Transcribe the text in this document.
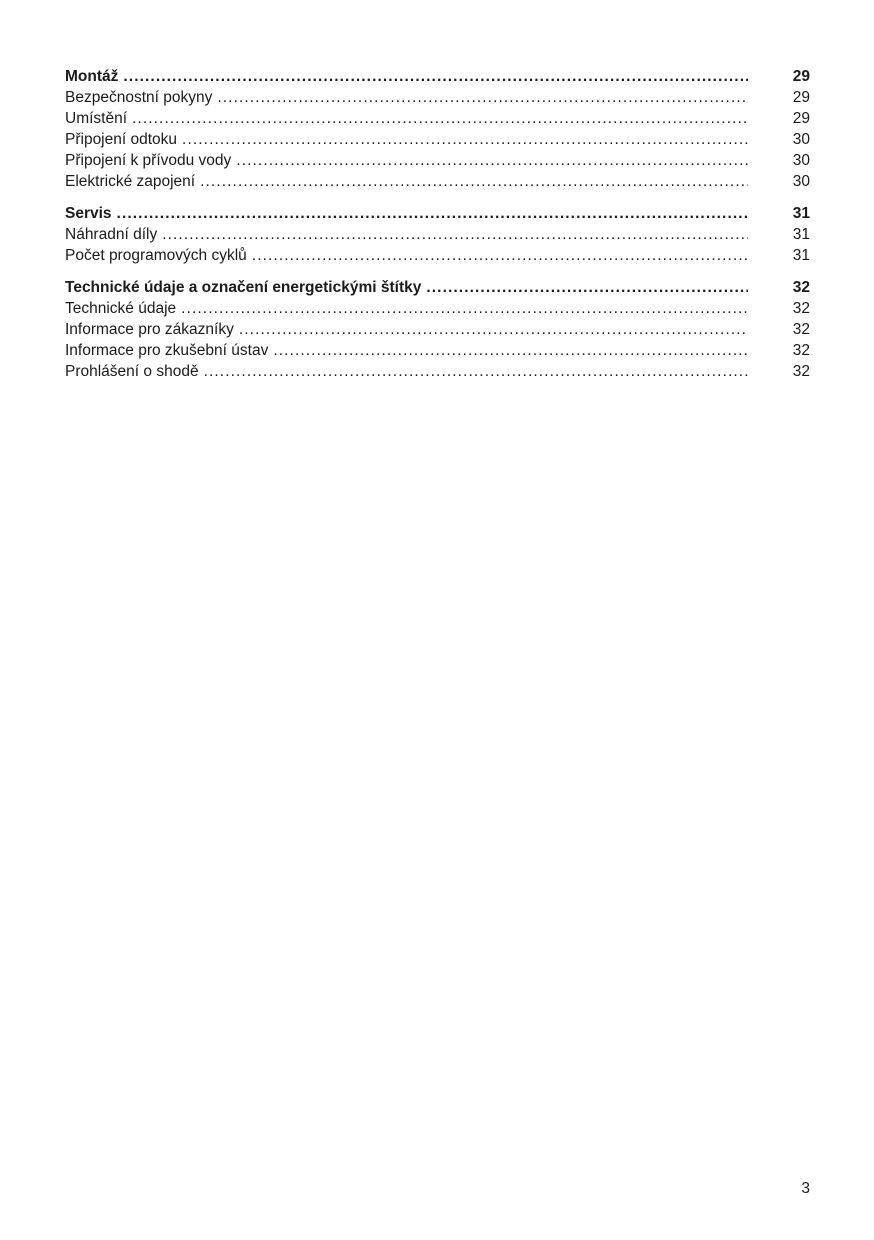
Montáž .....	29
Bezpečnostní pokyny .....	29
Umístění .....	29
Připojení odtoku .....	30
Připojení k přívodu vody .....	30
Elektrické zapojení .....	30
Servis .....	31
Náhradní díly .....	31
Počet programových cyklů .....	31
Technické údaje a označení energetickými štítky .....	32
Technické údaje .....	32
Informace pro zákazníky .....	32
Informace pro zkušební ústav .....	32
Prohlášení o shodě .....	32
3
